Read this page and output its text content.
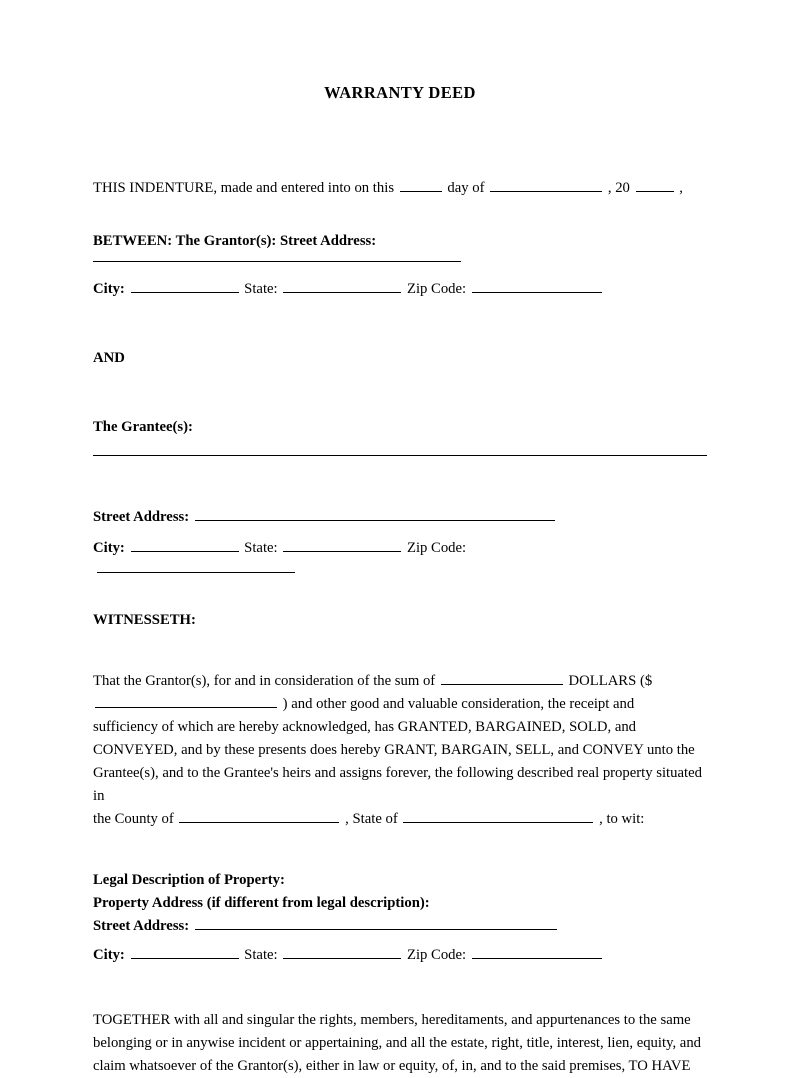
WARRANTY DEED
THIS INDENTURE, made and entered into on this	day of	, 20	,
BETWEEN: The Grantor(s): Street Address:
City:	State:	Zip Code:
AND
The Grantee(s):
Street Address:
City:	State:	Zip Code:
WITNESSETH:
That the Grantor(s), for and in consideration of the sum of	DOLLARS ($
) and other good and valuable consideration, the receipt and
sufficiency of which are hereby acknowledged, has GRANTED, BARGAINED, SOLD, and
CONVEYED, and by these presents does hereby GRANT, BARGAIN, SELL, and CONVEY unto the
Grantee(s), and to the Grantee's heirs and assigns forever, the following described real property situated in
the County of	, State of	, to wit:
Legal Description of Property:
Property Address (if different from legal description):
Street Address:
City:	State:	Zip Code:
TOGETHER with all and singular the rights, members, hereditaments, and appurtenances to the same
belonging or in anywise incident or appertaining, and all the estate, right, title, interest, lien, equity, and
claim whatsoever of the Grantor(s), either in law or equity, of, in, and to the said premises, TO HAVE
